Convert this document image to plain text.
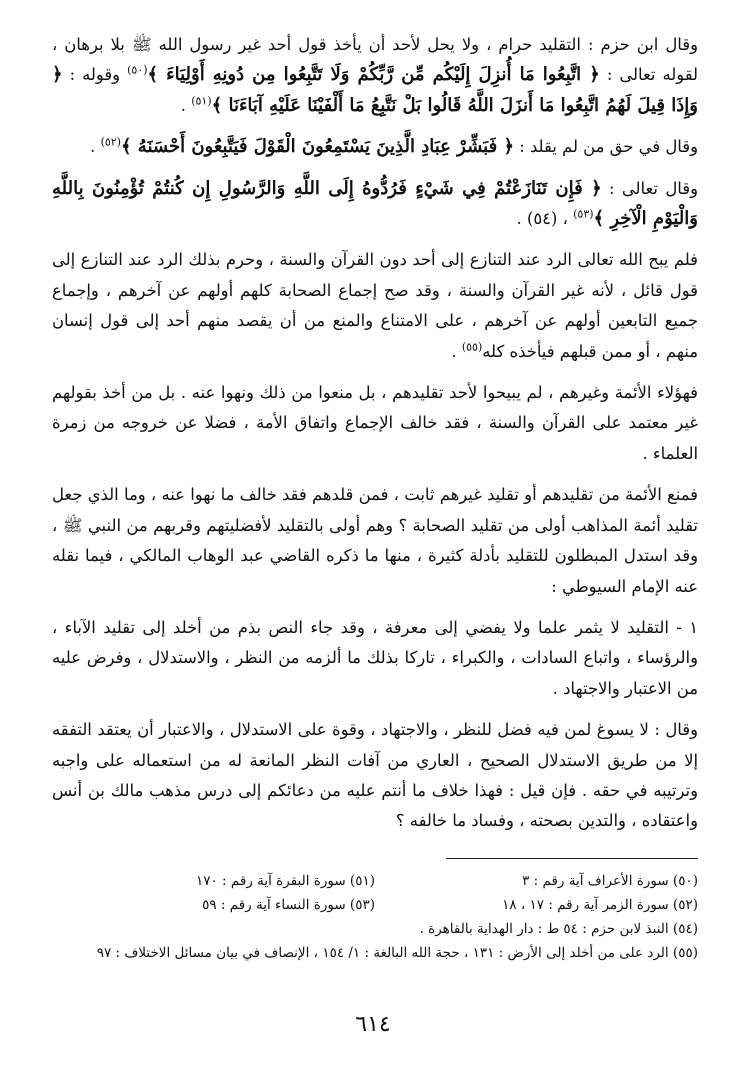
وقال ابن حزم : التقليد حرام ، ولا يحل لأحد أن يأخذ قول أحد غير رسول الله ﷺ بلا برهان ، لقوله تعالى : ﴿ اتَّبِعُوا مَا أُنزِلَ إِلَيْكُم مِّن رَّبِّكُمْ وَلَا تَتَّبِعُوا مِن دُونِهِ أَوْلِيَاءَ ﴾$^{(٥٠)}$ وقوله : ﴿ وَإِذَا قِيلَ لَهُمُ اتَّبِعُوا مَا أَنزَلَ اللَّهُ قَالُوا بَلْ نَتَّبِعُ مَا أَلْفَيْنَا عَلَيْهِ آبَاءَنَا ﴾$^{(٥١)}$ .

وقال في حق من لم يقلد : ﴿ فَبَشِّرْ عِبَادِ الَّذِينَ يَسْتَمِعُونَ الْقَوْلَ فَيَتَّبِعُونَ أَحْسَنَهُ ﴾$^{(٥٢)}$ .

وقال تعالى : ﴿ فَإِن تَنَازَعْتُمْ فِي شَيْءٍ فَرُدُّوهُ إِلَى اللَّهِ وَالرَّسُولِ إِن كُنتُمْ تُؤْمِنُونَ بِاللَّهِ وَالْيَوْمِ الْآخِرِ ﴾$^{(٥٣)}$ ، (٥٤) .

فلم يبح الله تعالى الرد عند التنازع إلى أحد دون القرآن والسنة ، وحرم بذلك الرد عند التنازع إلى قول قائل ، لأنه غير القرآن والسنة ، وقد صح إجماع الصحابة كلهم أولهم عن آخرهم ، وإجماع جميع التابعين أولهم عن آخرهم ، على الامتناع والمنع من أن يقصد منهم أحد إلى قول إنسان منهم ، أو ممن قبلهم فيأخذه كله$^{(٥٥)}$ .

فهؤلاء الأئمة وغيرهم ، لم يبيحوا لأحد تقليدهم ، بل منعوا من ذلك ونهوا عنه . بل من أخذ بقولهم غير معتمد على القرآن والسنة ، فقد خالف الإجماع واتفاق الأمة ، فضلا عن خروجه من زمرة العلماء .

فمنع الأئمة من تقليدهم أو تقليد غيرهم ثابت ، فمن قلدهم فقد خالف ما نهوا عنه ، وما الذي جعل تقليد أئمة المذاهب أولى من تقليد الصحابة ؟ وهم أولى بالتقليد لأفضليتهم وقربهم من النبي ﷺ ، وقد استدل المبطلون للتقليد بأدلة كثيرة ، منها ما ذكره القاضي عبد الوهاب المالكي ، فيما نقله عنه الإمام السيوطي :

١ - التقليد لا يثمر علما ولا يفضي إلى معرفة ، وقد جاء النص بذم من أخلد إلى تقليد الآباء ، والرؤساء ، واتباع السادات ، والكبراء ، تاركا بذلك ما ألزمه من النظر ، والاستدلال ، وفرض عليه من الاعتبار والاجتهاد .

وقال : لا يسوغ لمن فيه فضل للنظر ، والاجتهاد ، وقوة على الاستدلال ، والاعتبار أن يعتقد التفقه إلا من طريق الاستدلال الصحيح ، العاري من آفات النظر المانعة له من استعماله على واجبه وترتيبه في حقه . فإن قيل : فهذا خلاف ما أنتم عليه من دعائكم إلى درس مذهب مالك بن أنس واعتقاده ، والتدين بصحته ، وفساد ما خالفه ؟

(٥٠) سورة الأعراف آية رقم : ٣
(٥١) سورة البقرة آية رقم : ١٧٠
(٥٢) سورة الزمر آية رقم : ١٧ ، ١٨
(٥٣) سورة النساء آية رقم : ٥٩
(٥٤) النبذ لابن حزم : ٥٤ ط : دار الهداية بالقاهرة .
(٥٥) الرد على من أخلد إلى الأرض : ١٣١ ، حجة الله البالغة : ١/ ١٥٤ ، الإنصاف في بيان مسائل الاختلاف : ٩٧
٦١٤
